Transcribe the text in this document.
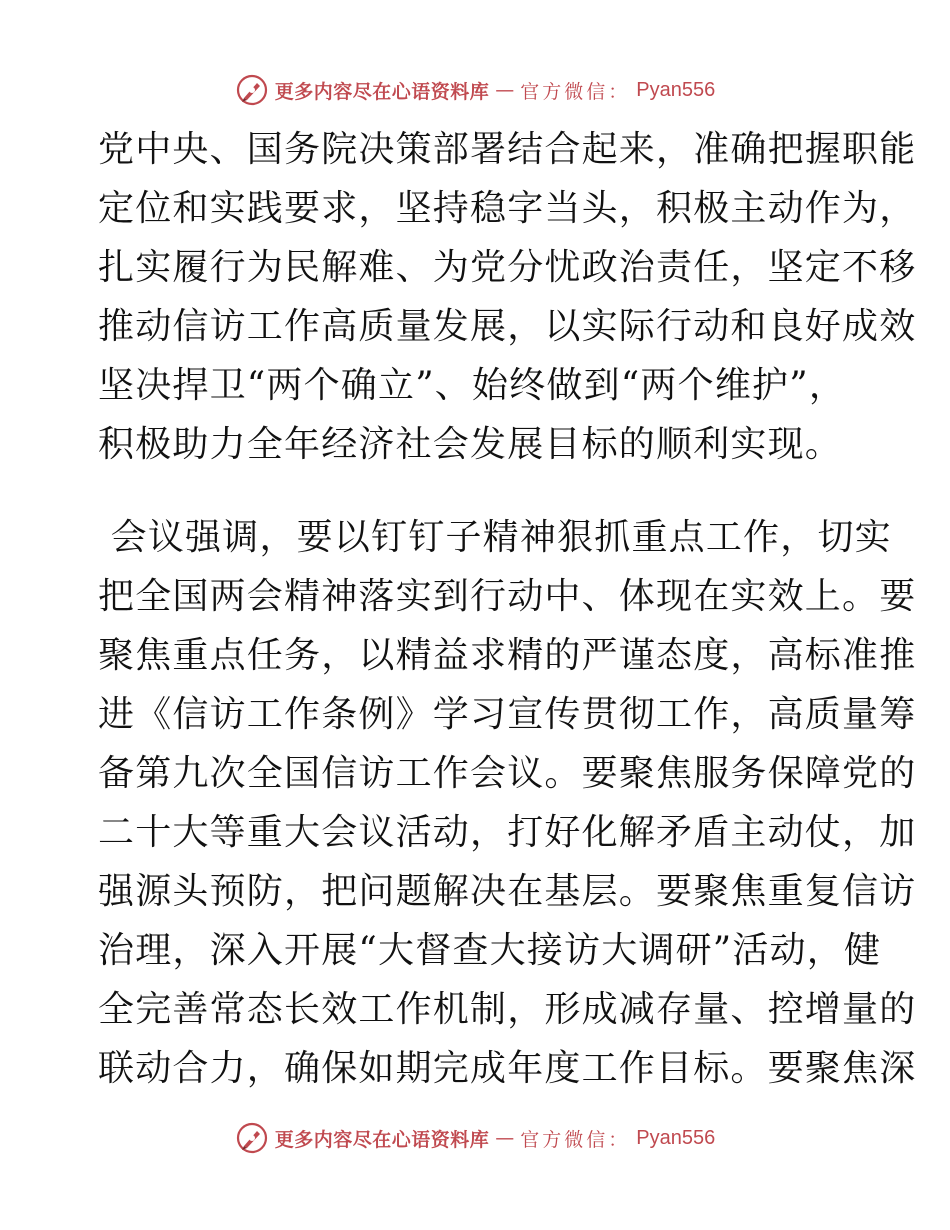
更多内容尽在心语资料库 — 官方微信： Pyan556
党中央、国务院决策部署结合起来，准确把握职能
定位和实践要求，坚持稳字当头，积极主动作为，
扎实履行为民解难、为党分忧政治责任，坚定不移
推动信访工作高质量发展，以实际行动和良好成效
坚决捍卫“两个确立”、始终做到“两个维护”，
积极助力全年经济社会发展目标的顺利实现。
会议强调，要以钉钉子精神狠抓重点工作，切实
把全国两会精神落实到行动中、体现在实效上。要
聚焦重点任务，以精益求精的严谨态度，高标准推
进《信访工作条例》学习宣传贯彻工作，高质量筹
备第九次全国信访工作会议。要聚焦服务保障党的
二十大等重大会议活动，打好化解矛盾主动仗，加
强源头预防，把问题解决在基层。要聚焦重复信访
治理，深入开展“大督查大接访大调研”活动，健
全完善常态长效工作机制，形成减存量、控增量的
联动合力，确保如期完成年度工作目标。要聚焦深
更多内容尽在心语资料库 — 官方微信： Pyan556
